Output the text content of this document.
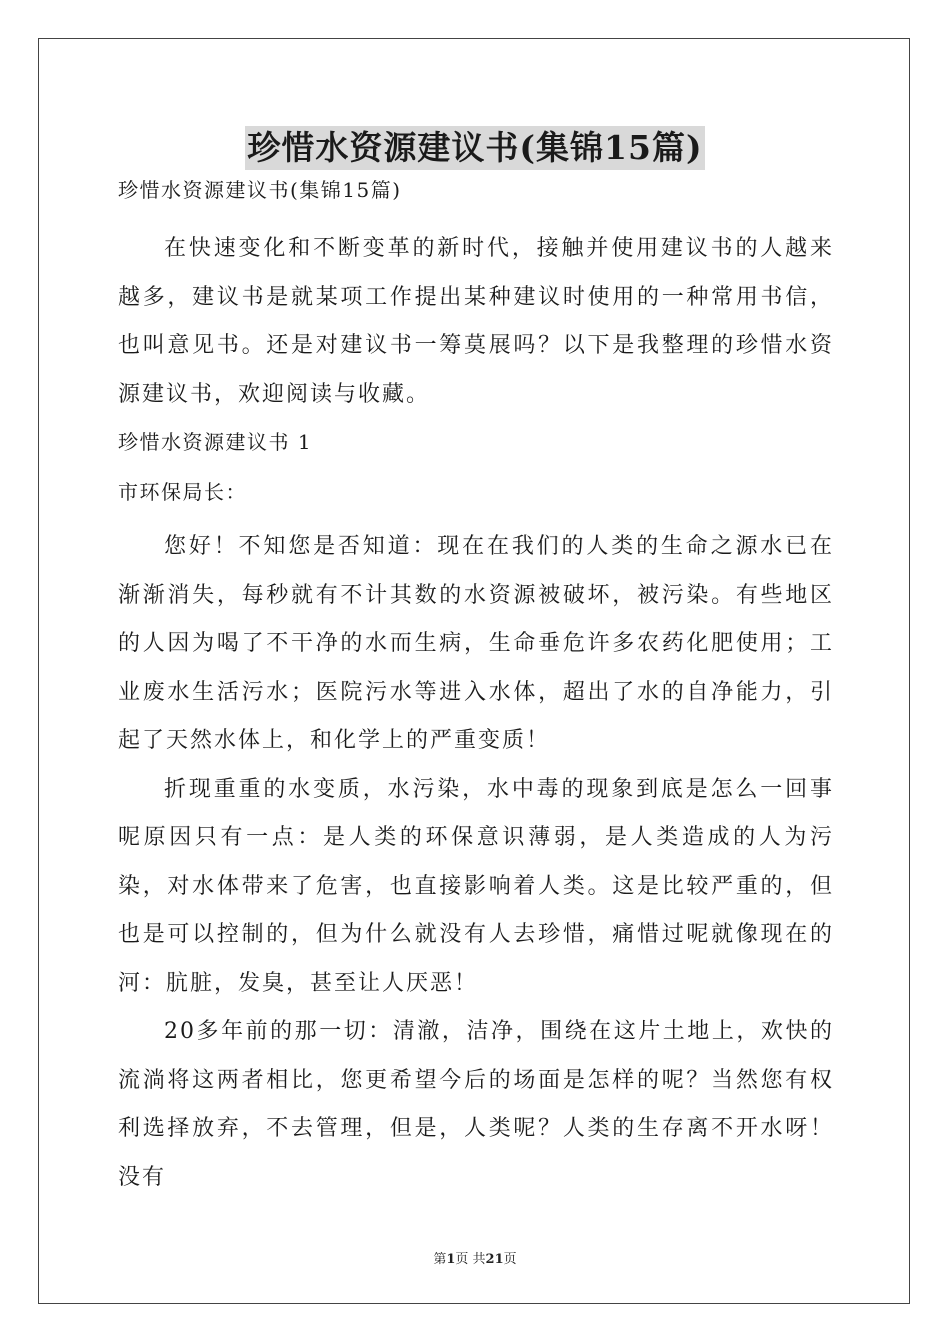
珍惜水资源建议书(集锦15篇)

珍惜水资源建议书(集锦15篇)

在快速变化和不断变革的新时代，接触并使用建议书的人越来越多，建议书是就某项工作提出某种建议时使用的一种常用书信，也叫意见书。还是对建议书一筹莫展吗？以下是我整理的珍惜水资源建议书，欢迎阅读与收藏。

珍惜水资源建议书 1

市环保局长：

您好！不知您是否知道：现在在我们的人类的生命之源水已在渐渐消失，每秒就有不计其数的水资源被破坏，被污染。有些地区的人因为喝了不干净的水而生病，生命垂危许多农药化肥使用；工业废水生活污水；医院污水等进入水体，超出了水的自净能力，引起了天然水体上，和化学上的严重变质！

折现重重的水变质，水污染，水中毒的现象到底是怎么一回事呢原因只有一点：是人类的环保意识薄弱，是人类造成的人为污染，对水体带来了危害，也直接影响着人类。这是比较严重的，但也是可以控制的，但为什么就没有人去珍惜，痛惜过呢就像现在的河：肮脏，发臭，甚至让人厌恶！

20多年前的那一切：清澈，洁净，围绕在这片土地上，欢快的流淌将这两者相比，您更希望今后的场面是怎样的呢？当然您有权利选择放弃，不去管理，但是，人类呢？人类的生存离不开水呀！没有

第1页 共21页
